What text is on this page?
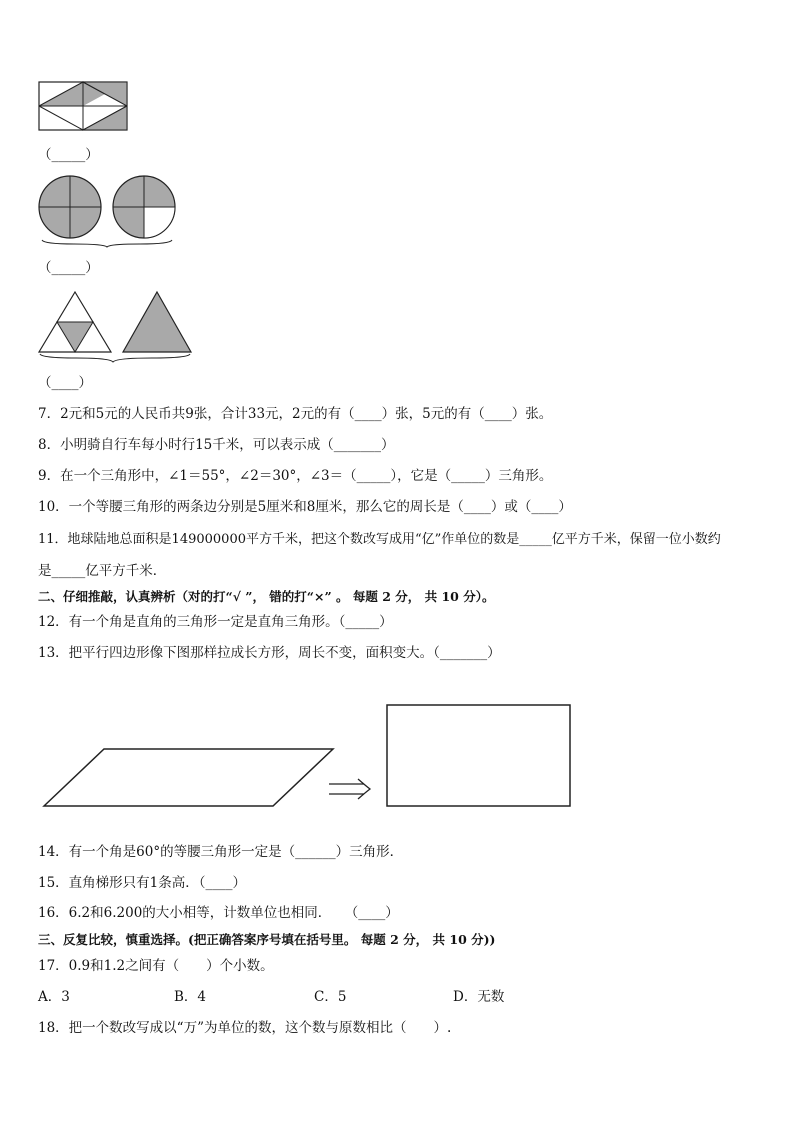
（_____）
（_____）
（____）
7．2元和5元的人民币共9张，合计33元，2元的有（____）张，5元的有（____）张。
8．小明骑自行车每小时行15千米，可以表示成（_______）
9．在一个三角形中，∠1＝55°，∠2＝30°，∠3＝（_____），它是（_____）三角形。
10．一个等腰三角形的两条边分别是5厘米和8厘米，那么它的周长是（____）或（____）
11．地球陆地总面积是149000000平方千米，把这个数改写成用“亿”作单位的数是_____亿平方千米，保留一位小数约
是_____亿平方千米．
二、仔细推敲，认真辨析（对的打“√ ”， 错的打“×” 。 每题 2 分， 共 10 分）。
12．有一个角是直角的三角形一定是直角三角形。（_____）
13．把平行四边形像下图那样拉成长方形，周长不变，面积变大。（_______）
14．有一个角是60°的等腰三角形一定是（______）三角形．
15．直角梯形只有1条高．（____）
16．6.2和6.200的大小相等，计数单位也相同．　　（____）
三、反复比较，慎重选择。(把正确答案序号填在括号里。 每题 2 分， 共 10 分))
17．0.9和1.2之间有（　　）个小数。
A．3	B．4	C．5	D．无数
18．把一个数改写成以“万”为单位的数，这个数与原数相比（　　）.
